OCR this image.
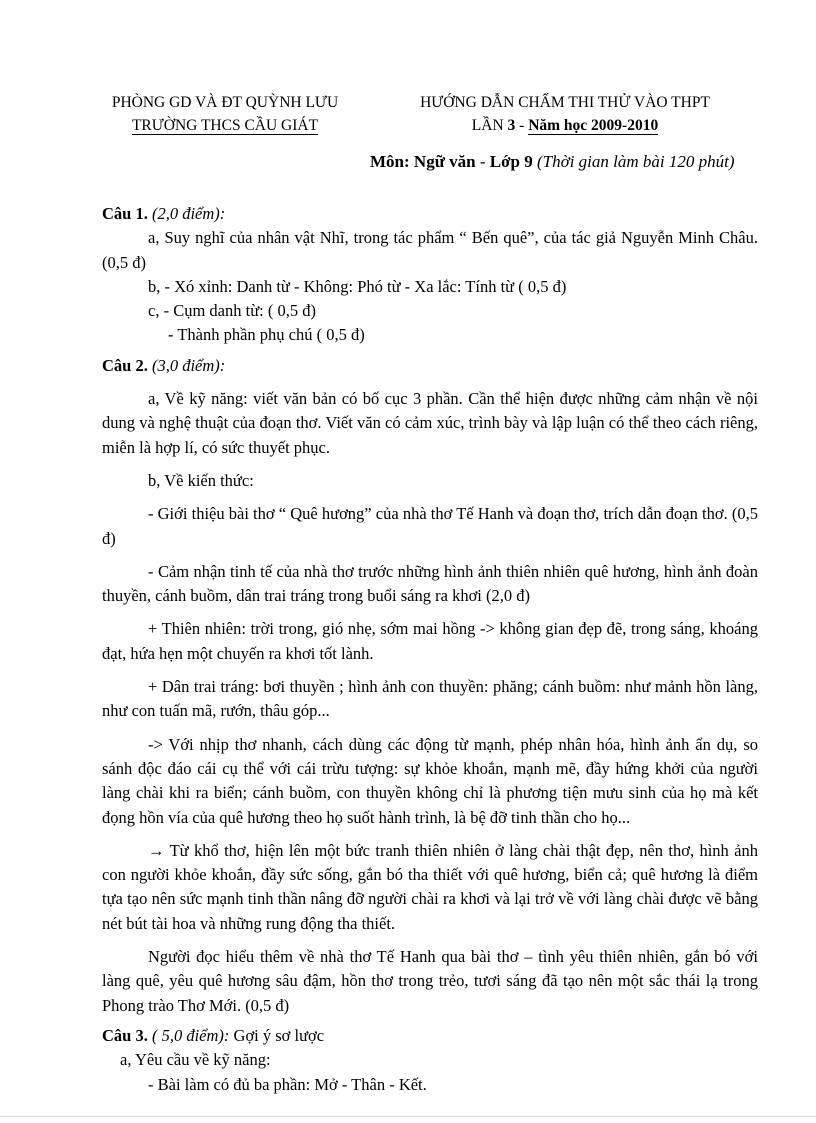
PHÒNG GD VÀ ĐT QUỲNH LƯU
TRƯỜNG THCS CẦU GIÁT
HƯỚNG DẪN CHẤM THI THỬ VÀO THPT
LẦN 3 - Năm học 2009-2010
Môn: Ngữ văn - Lớp 9 (Thời gian làm bài 120 phút)

Câu 1. (2,0 điểm):

a, Suy nghĩ của nhân vật Nhĩ, trong tác phẩm “ Bến quê”, của tác giả Nguyễn Minh Châu. (0,5 đ)

b, - Xó xỉnh: Danh từ - Không: Phó từ - Xa lắc: Tính từ ( 0,5 đ)

c, - Cụm danh từ: ( 0,5 đ)

- Thành phần phụ chú ( 0,5 đ)

Câu 2. (3,0 điểm):

a, Về kỹ năng: viết văn bản có bố cục 3 phần. Cần thể hiện được những cảm nhận về nội dung và nghệ thuật của đoạn thơ. Viết văn có cảm xúc, trình bày và lập luận có thể theo cách riêng, miễn là hợp lí, có sức thuyết phục.

b, Về kiến thức:

- Giới thiệu bài thơ “ Quê hương” của nhà thơ Tế Hanh và đoạn thơ, trích dẫn đoạn thơ. (0,5 đ)

- Cảm nhận tinh tế của nhà thơ trước những hình ảnh thiên nhiên quê hương, hình ảnh đoàn thuyền, cánh buồm, dân trai tráng trong buổi sáng ra khơi (2,0 đ)

+ Thiên nhiên: trời trong, gió nhẹ, sớm mai hồng -> không gian đẹp đẽ, trong sáng, khoáng đạt, hứa hẹn một chuyến ra khơi tốt lành.

+ Dân trai tráng: bơi thuyền ; hình ảnh con thuyền: phăng; cánh buồm: như mảnh hồn làng, như con tuấn mã, rướn, thâu góp...

-> Với nhịp thơ nhanh, cách dùng các động từ mạnh, phép nhân hóa, hình ảnh ẩn dụ, so sánh độc đáo cái cụ thể với cái trừu tượng: sự khỏe khoắn, mạnh mẽ, đầy hứng khởi của người làng chài khi ra biển; cánh buồm, con thuyền không chỉ là phương tiện mưu sinh của họ mà kết đọng hồn vía của quê hương theo họ suốt hành trình, là bệ đỡ tinh thần cho họ...

→ Từ khổ thơ, hiện lên một bức tranh thiên nhiên ở làng chài thật đẹp, nên thơ, hình ảnh con người khỏe khoắn, đầy sức sống, gắn bó tha thiết với quê hương, biển cả; quê hương là điểm tựa tạo nên sức mạnh tinh thần nâng đỡ người chài ra khơi và lại trở về với làng chài được vẽ bằng nét bút tài hoa và những rung động tha thiết.

Người đọc hiểu thêm về nhà thơ Tế Hanh qua bài thơ – tình yêu thiên nhiên, gắn bó với làng quê, yêu quê hương sâu đậm, hồn thơ trong trẻo, tươi sáng đã tạo nên một sắc thái lạ trong Phong trào Thơ Mới. (0,5 đ)

Câu 3. ( 5,0 điểm): Gợi ý sơ lược

a, Yêu cầu về kỹ năng:

- Bài làm có đủ ba phần: Mở - Thân - Kết.
